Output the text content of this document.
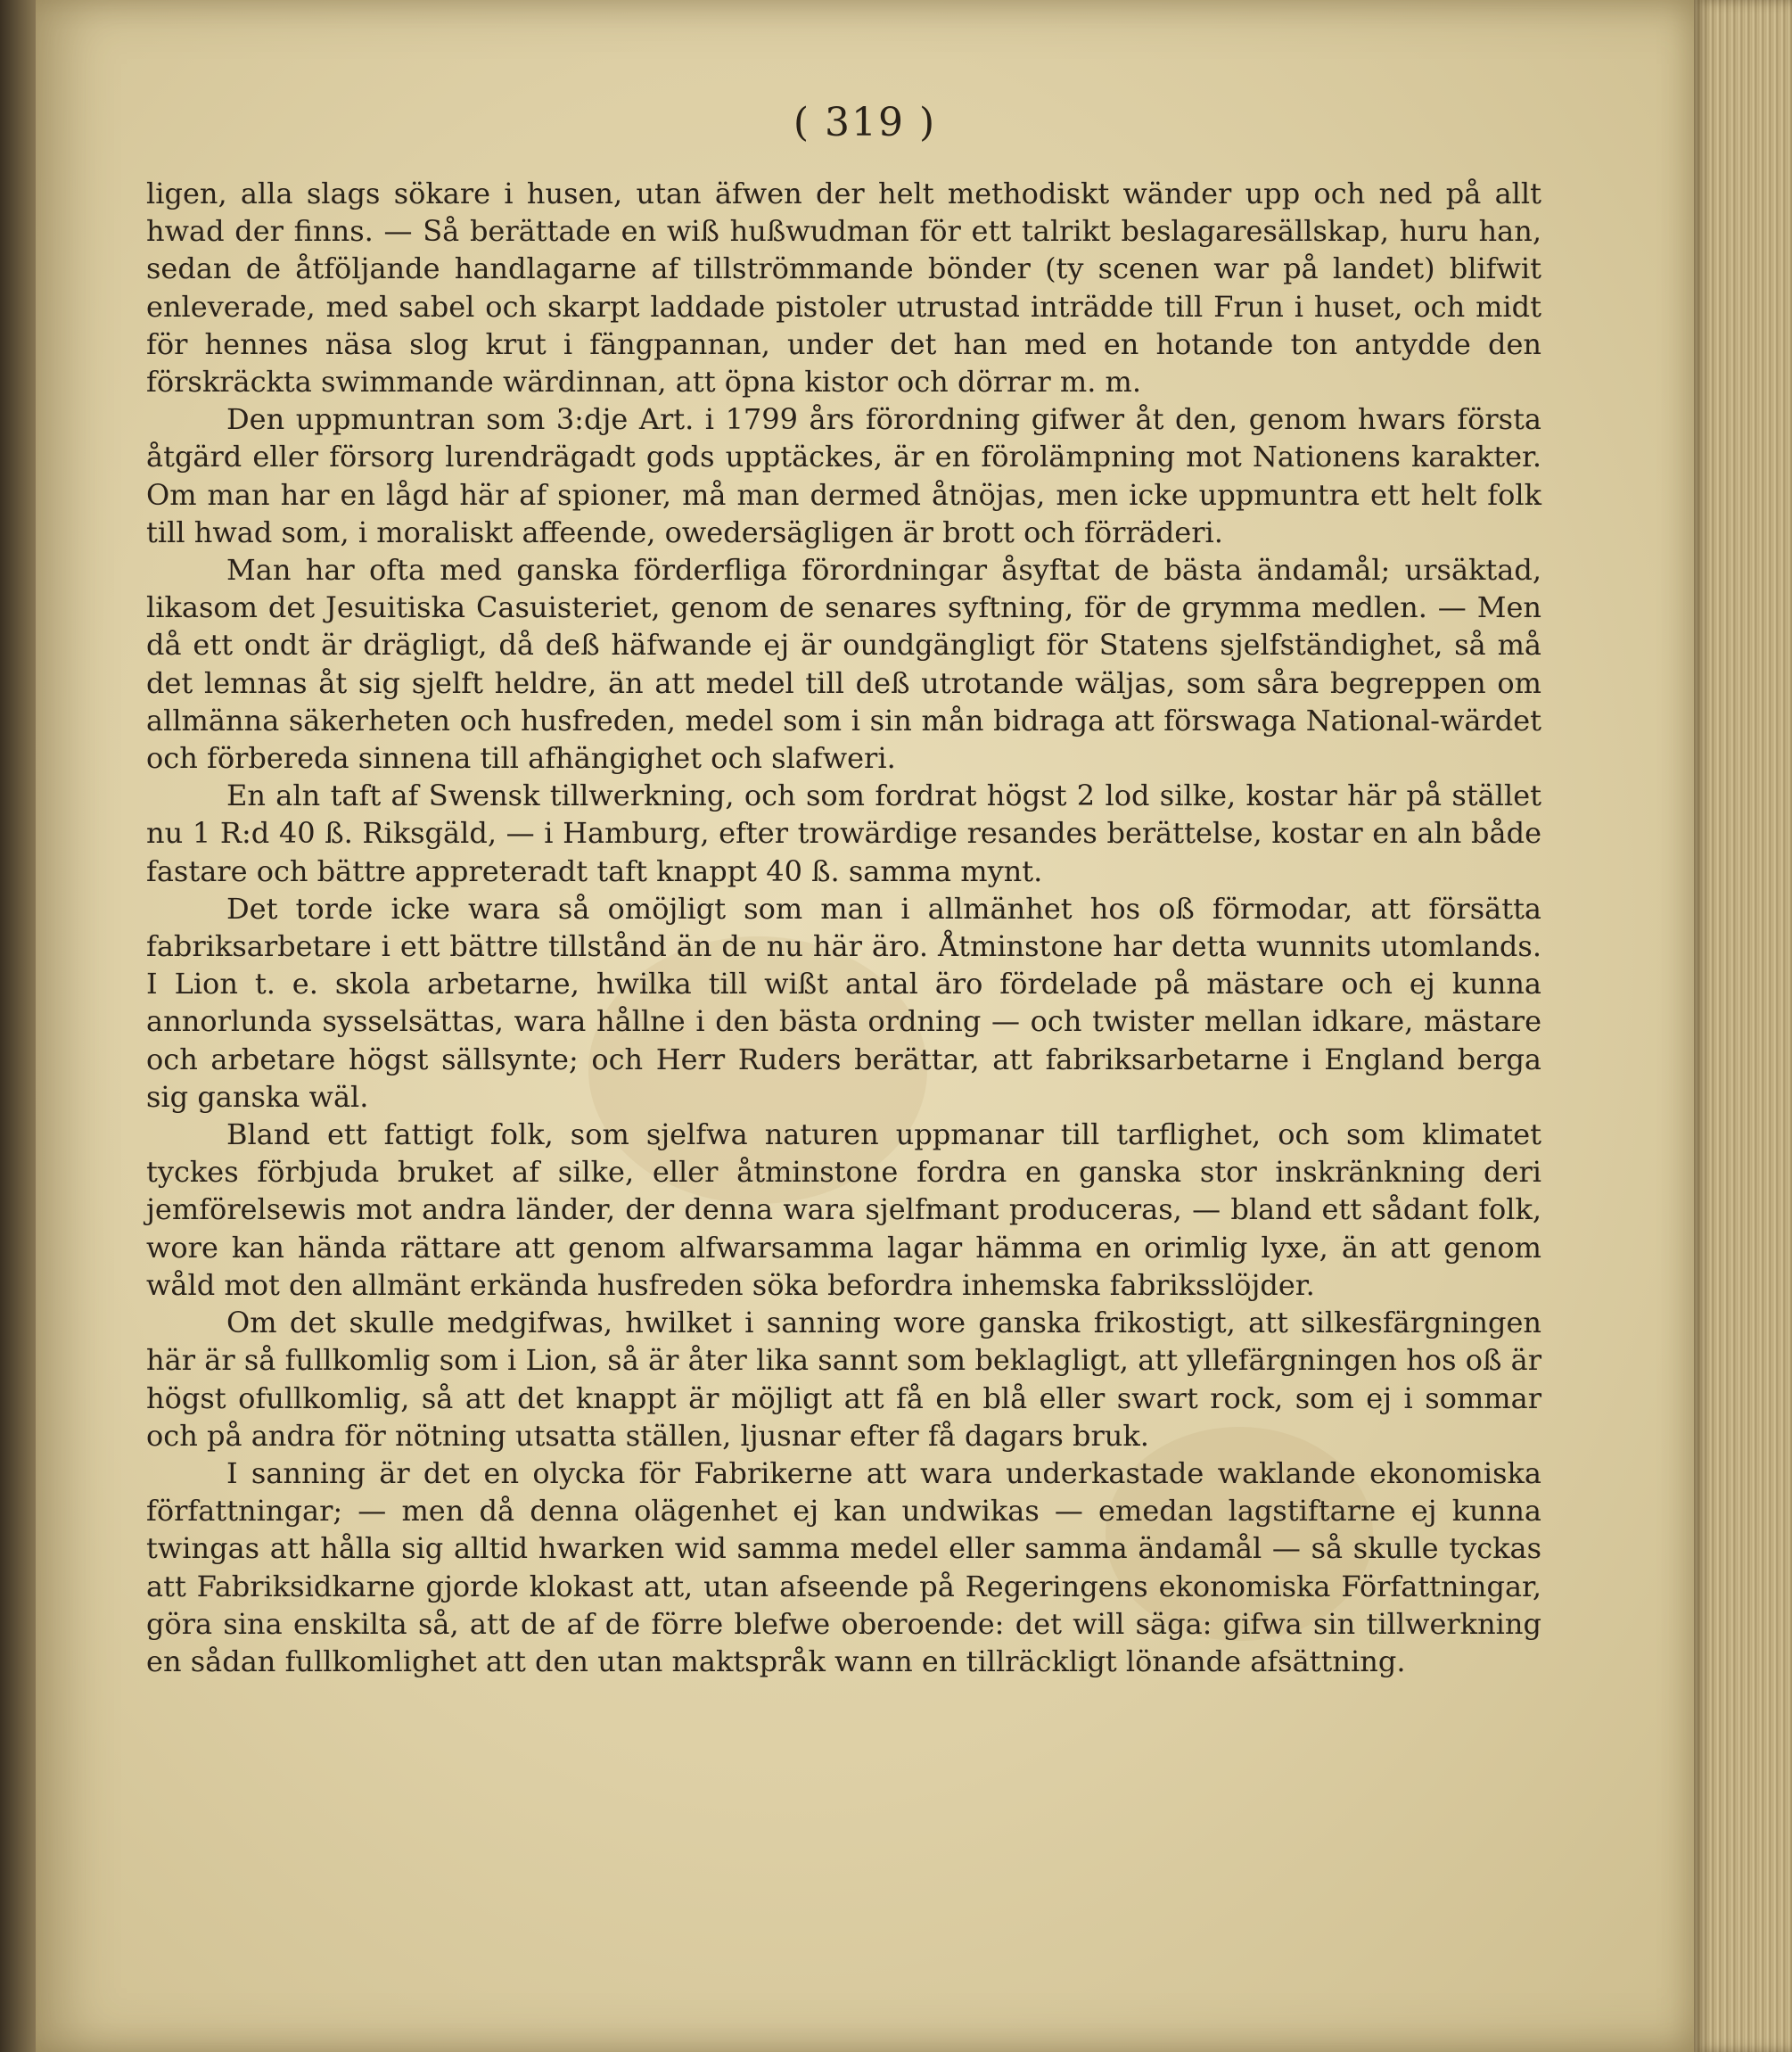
( 319 )

ligen, alla slags sökare i husen, utan äfwen der helt methodiskt wänder upp och ned på allt hwad der finns. — Så berättade en wiß hußwudman för ett talrikt beslagaresällskap, huru han, sedan de åtföljande handlagarne af tillströmmande bönder (ty scenen war på landet) blifwit enleverade, med sabel och skarpt laddade pistoler utrustad inträdde till Frun i huset, och midt för hennes näsa slog krut i fängpannan, under det han med en hotande ton antydde den förskräckta swimmande wärdinnan, att öpna kistor och dörrar m. m.

Den uppmuntran som 3:dje Art. i 1799 års förordning gifwer åt den, genom hwars första åtgärd eller försorg lurendrägadt gods upptäckes, är en förolämpning mot Nationens karakter. Om man har en lågd här af spioner, må man dermed åtnöjas, men icke uppmuntra ett helt folk till hwad som, i moraliskt affeende, owedersägligen är brott och förräderi.

Man har ofta med ganska förderfliga förordningar åsyftat de bästa ändamål; ursäktad, likasom det Jesuitiska Casuisteriet, genom de senares syftning, för de grymma medlen. — Men då ett ondt är drägligt, då deß häfwande ej är oundgängligt för Statens sjelfständighet, så må det lemnas åt sig sjelft heldre, än att medel till deß utrotande wäljas, som såra begreppen om allmänna säkerheten och husfreden, medel som i sin mån bidraga att förswaga National-wärdet och förbereda sinnena till afhängighet och slafweri.

En aln taft af Swensk tillwerkning, och som fordrat högst 2 lod silke, kostar här på stället nu 1 R:d 40 ß. Riksgäld, — i Hamburg, efter trowärdige resandes berättelse, kostar en aln både fastare och bättre appreteradt taft knappt 40 ß. samma mynt.

Det torde icke wara så omöjligt som man i allmänhet hos oß förmodar, att försätta fabriksarbetare i ett bättre tillstånd än de nu här äro. Åtminstone har detta wunnits utomlands. I Lion t. e. skola arbetarne, hwilka till wißt antal äro fördelade på mästare och ej kunna annorlunda sysselsättas, wara hållne i den bästa ordning — och twister mellan idkare, mästare och arbetare högst sällsynte; och Herr Ruders berättar, att fabriksarbetarne i England berga sig ganska wäl.

Bland ett fattigt folk, som sjelfwa naturen uppmanar till tarflighet, och som klimatet tyckes förbjuda bruket af silke, eller åtminstone fordra en ganska stor inskränkning deri jemförelsewis mot andra länder, der denna wara sjelfmant produceras, — bland ett sådant folk, wore kan hända rättare att genom alfwarsamma lagar hämma en orimlig lyxe, än att genom wåld mot den allmänt erkända husfreden söka befordra inhemska fabriksslöjder.

Om det skulle medgifwas, hwilket i sanning wore ganska frikostigt, att silkesfärgningen här är så fullkomlig som i Lion, så är åter lika sannt som beklagligt, att yllefärgningen hos oß är högst ofullkomlig, så att det knappt är möjligt att få en blå eller swart rock, som ej i sommar och på andra för nötning utsatta ställen, ljusnar efter få dagars bruk.

I sanning är det en olycka för Fabrikerne att wara underkastade waklande ekonomiska författningar; — men då denna olägenhet ej kan undwikas — emedan lagstiftarne ej kunna twingas att hålla sig alltid hwarken wid samma medel eller samma ändamål — så skulle tyckas att Fabriksidkarne gjorde klokast att, utan afseende på Regeringens ekonomiska Författningar, göra sina enskilta så, att de af de förre blefwe oberoende: det will säga: gifwa sin tillwerkning en sådan fullkomlighet att den utan maktspråk wann en tillräckligt lönande afsättning.
